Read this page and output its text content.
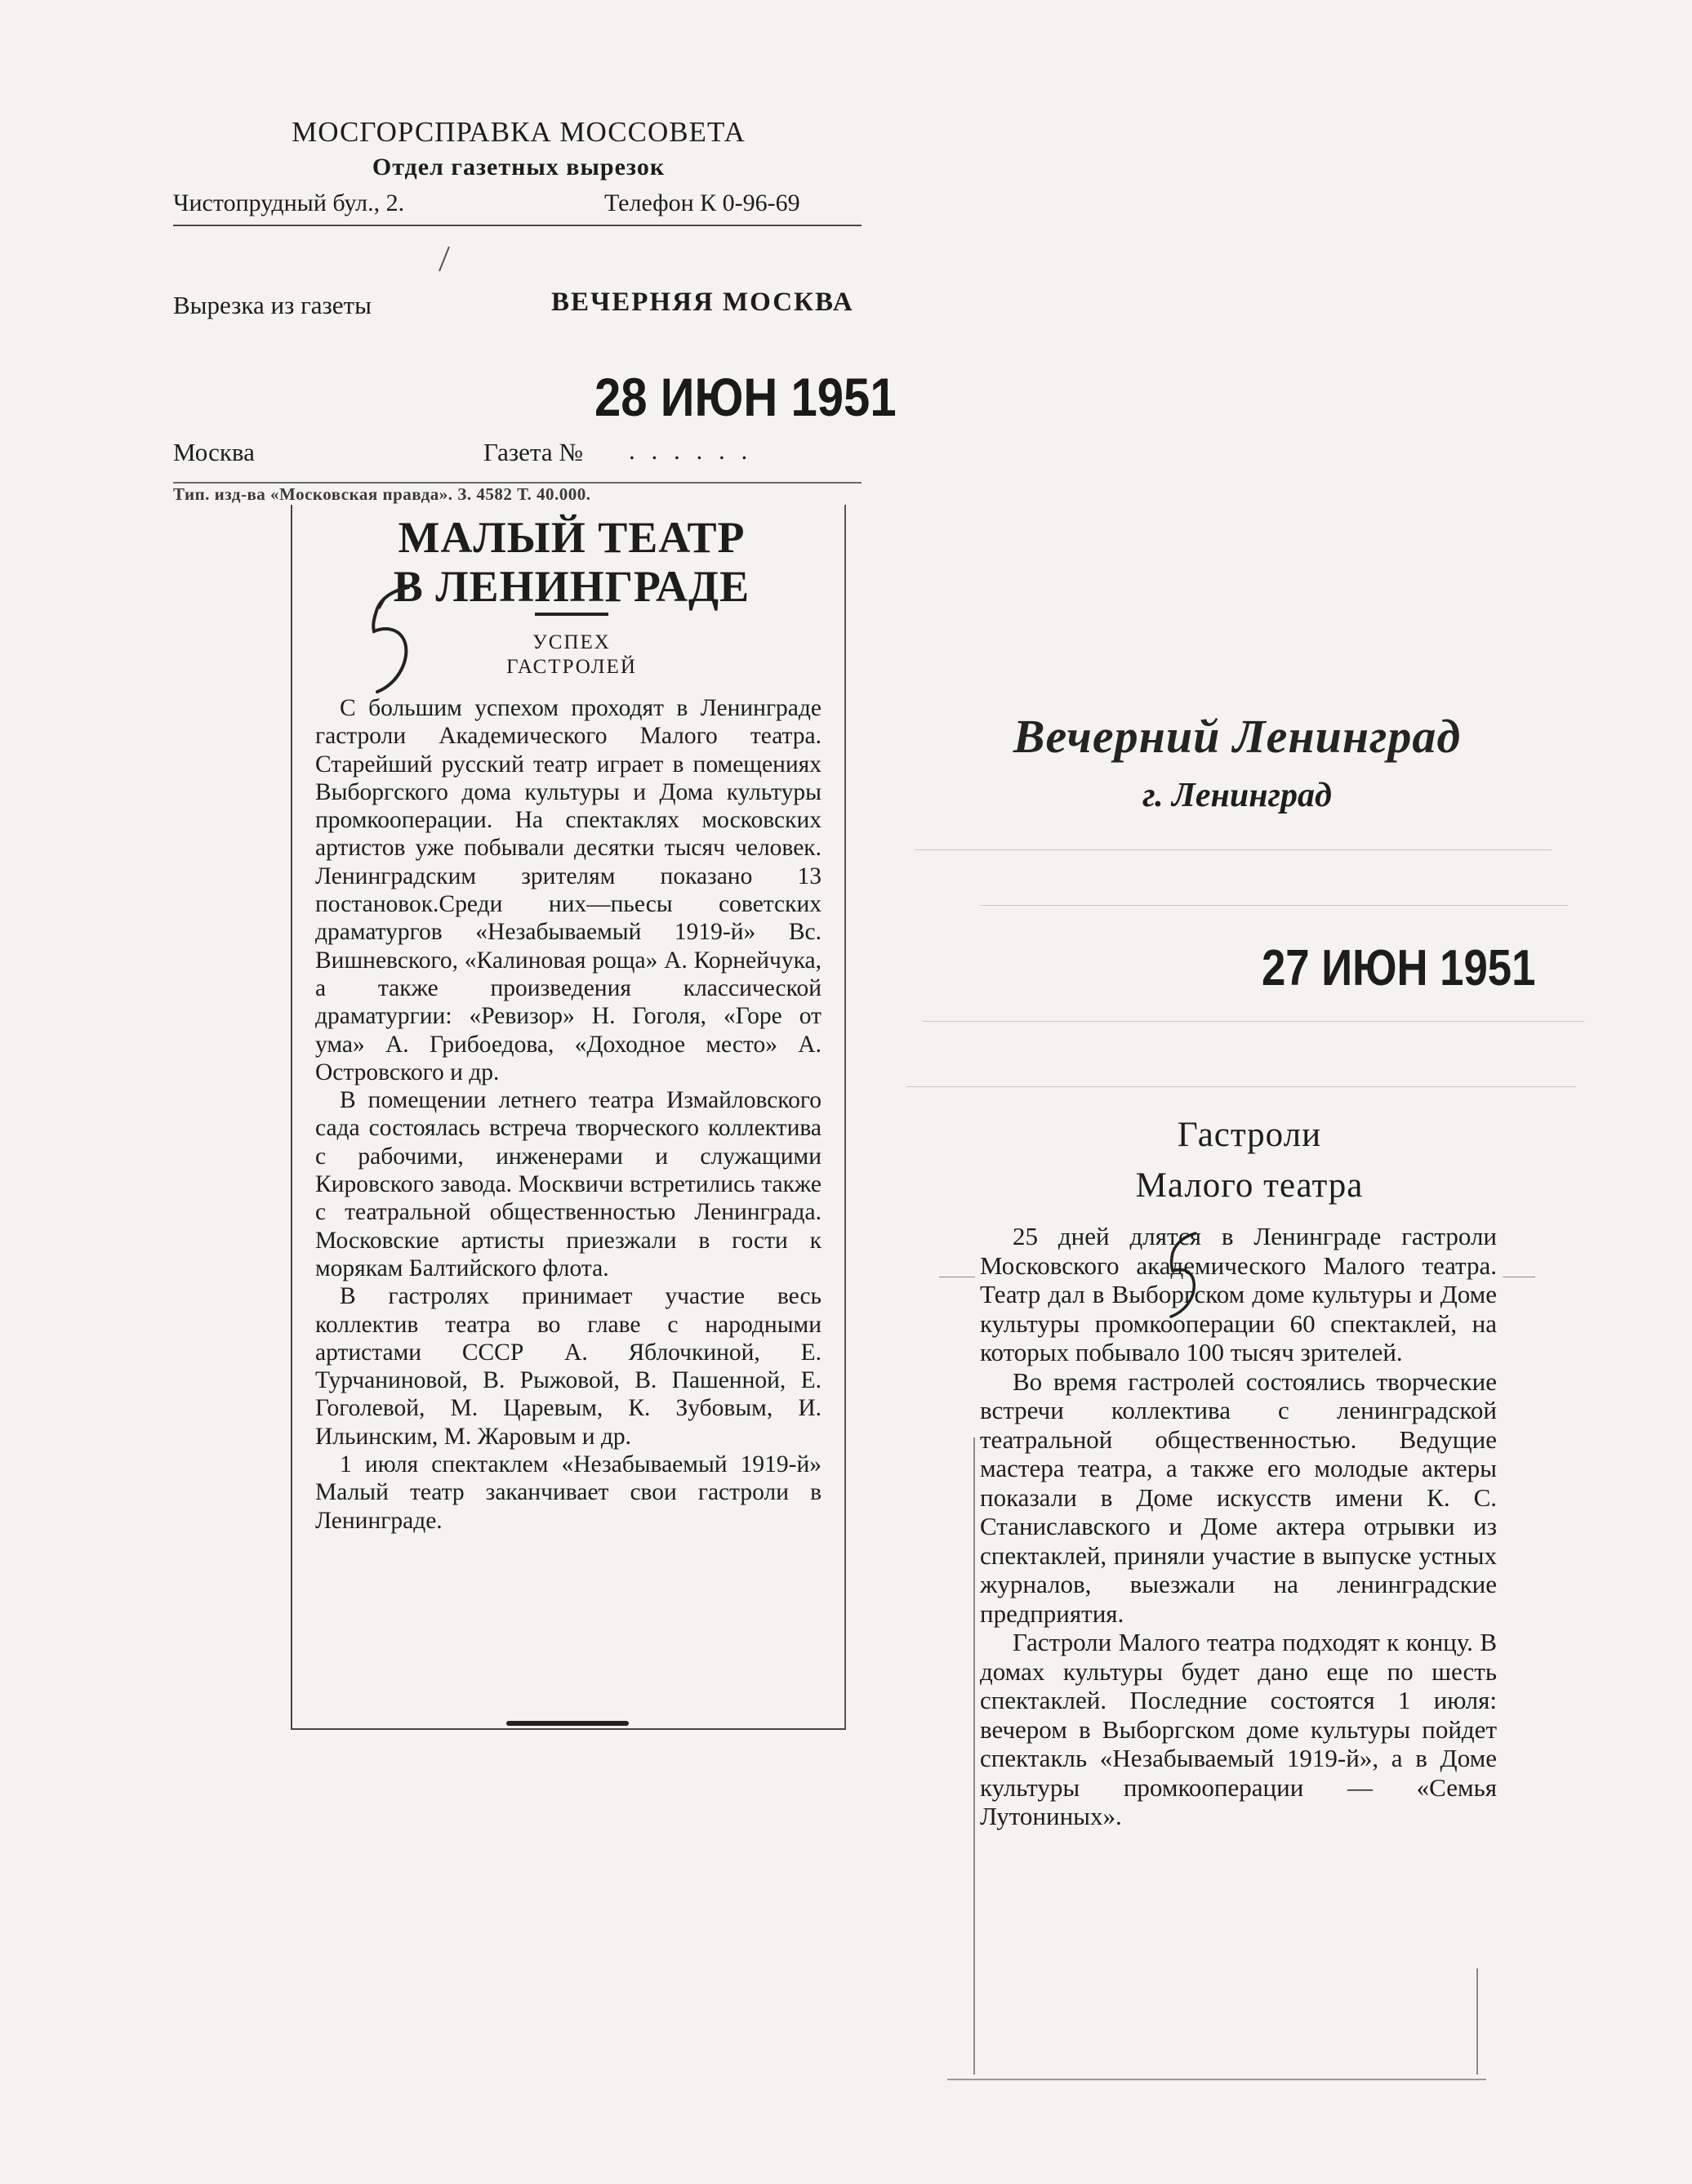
МОСГОРСПРАВКА МОССОВЕТА
Отдел газетных вырезок
Чистопрудный бул., 2.	Телефон К 0-96-69
Вырезка из газеты	ВЕЧЕРНЯЯ МОСКВА
28 ИЮН 1951
Москва	Газета № . . . . . .
Тип. изд-ва «Московская правда». З. 4582 Т. 40.000.
МАЛЫЙ ТЕАТР
В ЛЕНИНГРАДЕ
УСПЕХ
ГАСТРОЛЕЙ

С большим успехом проходят в Ленинграде гастроли Академического Малого театра. Старейший русский театр играет в помещениях Выборгского дома культуры и Дома культуры промкооперации. На спектаклях московских артистов уже побывали десятки тысяч человек. Ленинградским зрителям показано 13 постановок.Среди них—пьесы советских драматургов «Незабываемый 1919-й» Вс. Вишневского, «Калиновая роща» А. Корнейчука, а также произведения классической драматургии: «Ревизор» Н. Гоголя, «Горе от ума» А. Грибоедова, «Доходное место» А. Островского и др.

В помещении летнего театра Измайловского сада состоялась встреча творческого коллектива с рабочими, инженерами и служащими Кировского завода. Москвичи встретились также с театральной общественностью Ленинграда. Московские артисты приезжали в гости к морякам Балтийского флота.

В гастролях принимает участие весь коллектив театра во главе с народными артистами СССР А. Яблочкиной, Е. Турчаниновой, В. Рыжовой, В. Пашенной, Е. Гоголевой, М. Царевым, К. Зубовым, И. Ильинским, М. Жаровым и др.

1 июля спектаклем «Незабываемый 1919-й» Малый театр заканчивает свои гастроли в Ленинграде.

Вечерний Ленинград
г. Ленинград
27 ИЮН 1951
Гастроли
Малого театра

25 дней длятся в Ленинграде гастроли Московского академического Малого театра. Театр дал в Выборгском доме культуры и Доме культуры промкооперации 60 спектаклей, на которых побывало 100 тысяч зрителей.

Во время гастролей состоялись творческие встречи коллектива с ленинградской театральной общественностью. Ведущие мастера театра, а также его молодые актеры показали в Доме искусств имени К. С. Станиславского и Доме актера отрывки из спектаклей, приняли участие в выпуске устных журналов, выезжали на ленинградские предприятия.

Гастроли Малого театра подходят к концу. В домах культуры будет дано еще по шесть спектаклей. Последние состоятся 1 июля: вечером в Выборгском доме культуры пойдет спектакль «Незабываемый 1919-й», а в Доме культуры промкооперации — «Семья Лутониных».
